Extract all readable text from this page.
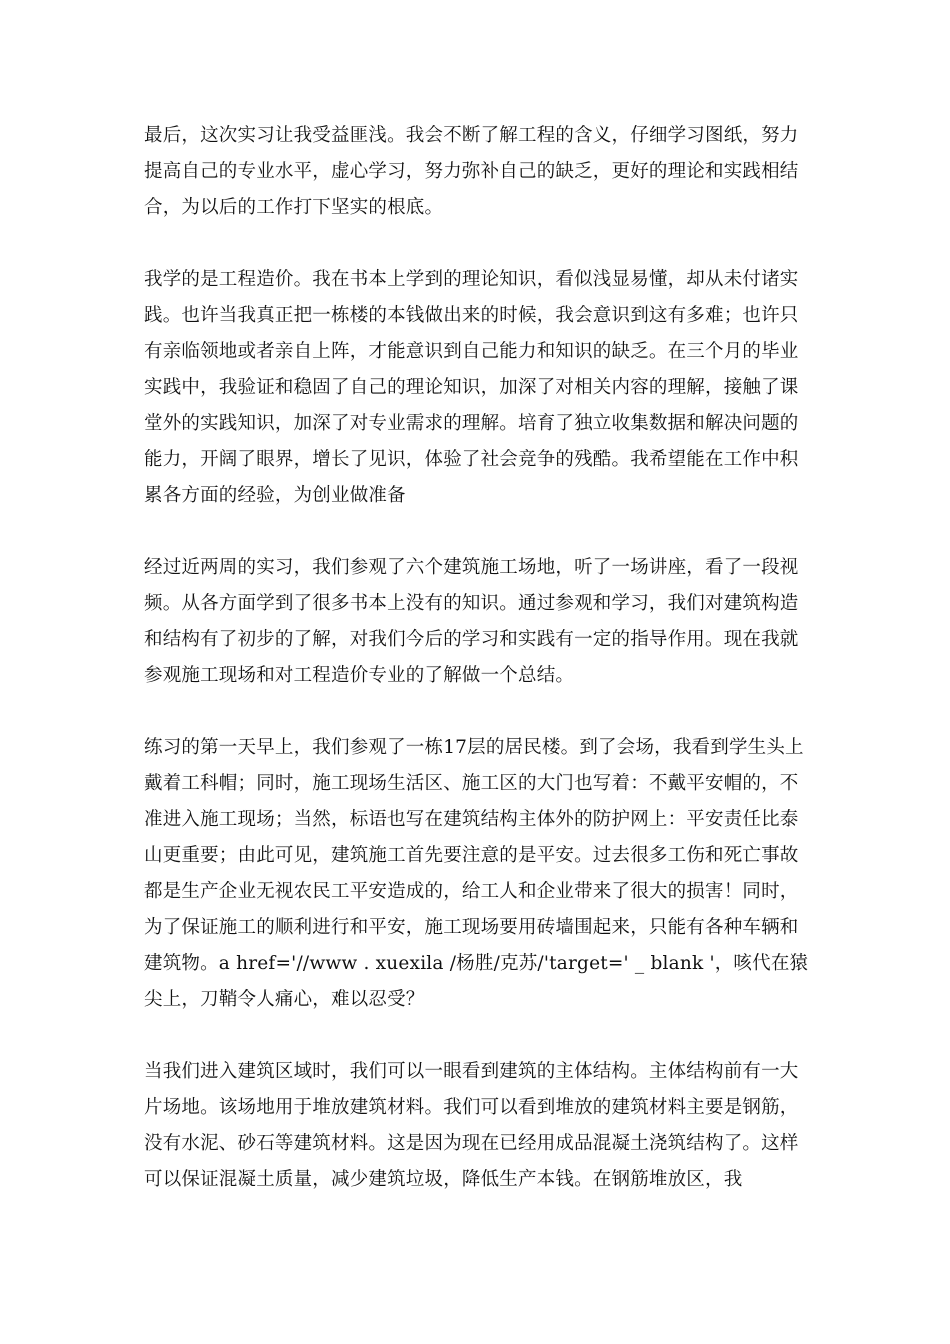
最后，这次实习让我受益匪浅。我会不断了解工程的含义，仔细学习图纸，努力提高自己的专业水平，虚心学习，努力弥补自己的缺乏，更好的理论和实践相结合，为以后的工作打下坚实的根底。

我学的是工程造价。我在书本上学到的理论知识，看似浅显易懂，却从未付诸实践。也许当我真正把一栋楼的本钱做出来的时候，我会意识到这有多难；也许只有亲临领地或者亲自上阵，才能意识到自己能力和知识的缺乏。在三个月的毕业实践中，我验证和稳固了自己的理论知识，加深了对相关内容的理解，接触了课堂外的实践知识，加深了对专业需求的理解。培育了独立收集数据和解决问题的能力，开阔了眼界，增长了见识，体验了社会竞争的残酷。我希望能在工作中积累各方面的经验，为创业做准备

经过近两周的实习，我们参观了六个建筑施工场地，听了一场讲座，看了一段视频。从各方面学到了很多书本上没有的知识。通过参观和学习，我们对建筑构造和结构有了初步的了解，对我们今后的学习和实践有一定的指导作用。现在我就参观施工现场和对工程造价专业的了解做一个总结。

练习的第一天早上，我们参观了一栋17层的居民楼。到了会场，我看到学生头上戴着工科帽；同时，施工现场生活区、施工区的大门也写着：不戴平安帽的，不准进入施工现场；当然，标语也写在建筑结构主体外的防护网上：平安责任比泰山更重要；由此可见，建筑施工首先要注意的是平安。过去很多工伤和死亡事故都是生产企业无视农民工平安造成的，给工人和企业带来了很大的损害！同时，为了保证施工的顺利进行和平安，施工现场要用砖墙围起来，只能有各种车辆和建筑物。a href='//www . xuexila /杨胜/克苏/'target=' _ blank '，咳代在猿尖上，刀鞘令人痛心，难以忍受？

当我们进入建筑区域时，我们可以一眼看到建筑的主体结构。主体结构前有一大片场地。该场地用于堆放建筑材料。我们可以看到堆放的建筑材料主要是钢筋，没有水泥、砂石等建筑材料。这是因为现在已经用成品混凝土浇筑结构了。这样可以保证混凝土质量，减少建筑垃圾，降低生产本钱。在钢筋堆放区，我
